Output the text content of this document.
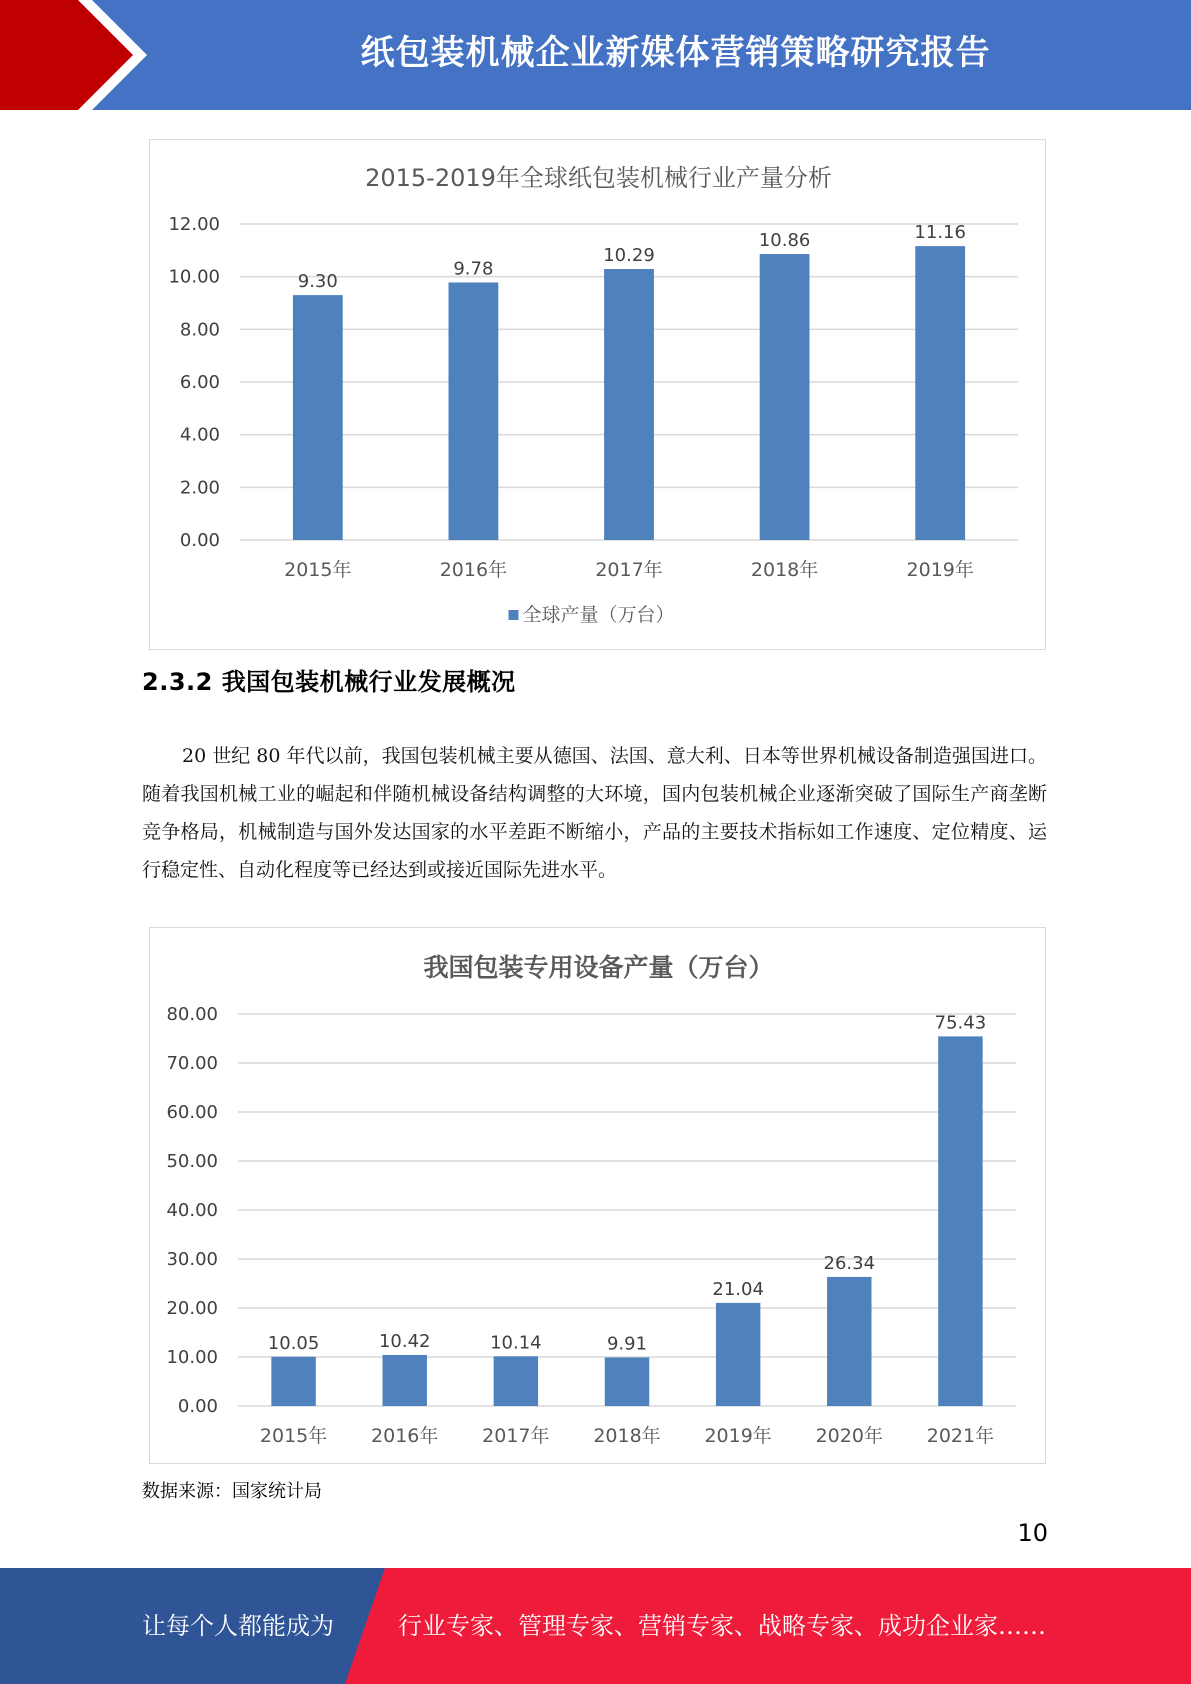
纸包装机械企业新媒体营销策略研究报告
2015-2019年全球纸包装机械行业产量分析
0.00
2.00
4.00
6.00
8.00
10.00
12.00
9.30
2015年
9.78
2016年
10.29
2017年
10.86
2018年
11.16
2019年
全球产量（万台）
2.3.2 我国包装机械行业发展概况
20 世纪 80 年代以前，我国包装机械主要从德国、法国、意大利、日本等世界机械设备制造强国进口。随着我国机械工业的崛起和伴随机械设备结构调整的大环境，国内包装机械企业逐渐突破了国际生产商垄断竞争格局，机械制造与国外发达国家的水平差距不断缩小，产品的主要技术指标如工作速度、定位精度、运行稳定性、自动化程度等已经达到或接近国际先进水平。
我国包装专用设备产量（万台）
0.00
10.00
20.00
30.00
40.00
50.00
60.00
70.00
80.00
10.05
2015年
10.42
2016年
10.14
2017年
9.91
2018年
21.04
2019年
26.34
2020年
75.43
2021年
数据来源：国家统计局
10
让每个人都能成为	行业专家、管理专家、营销专家、战略专家、成功企业家……
